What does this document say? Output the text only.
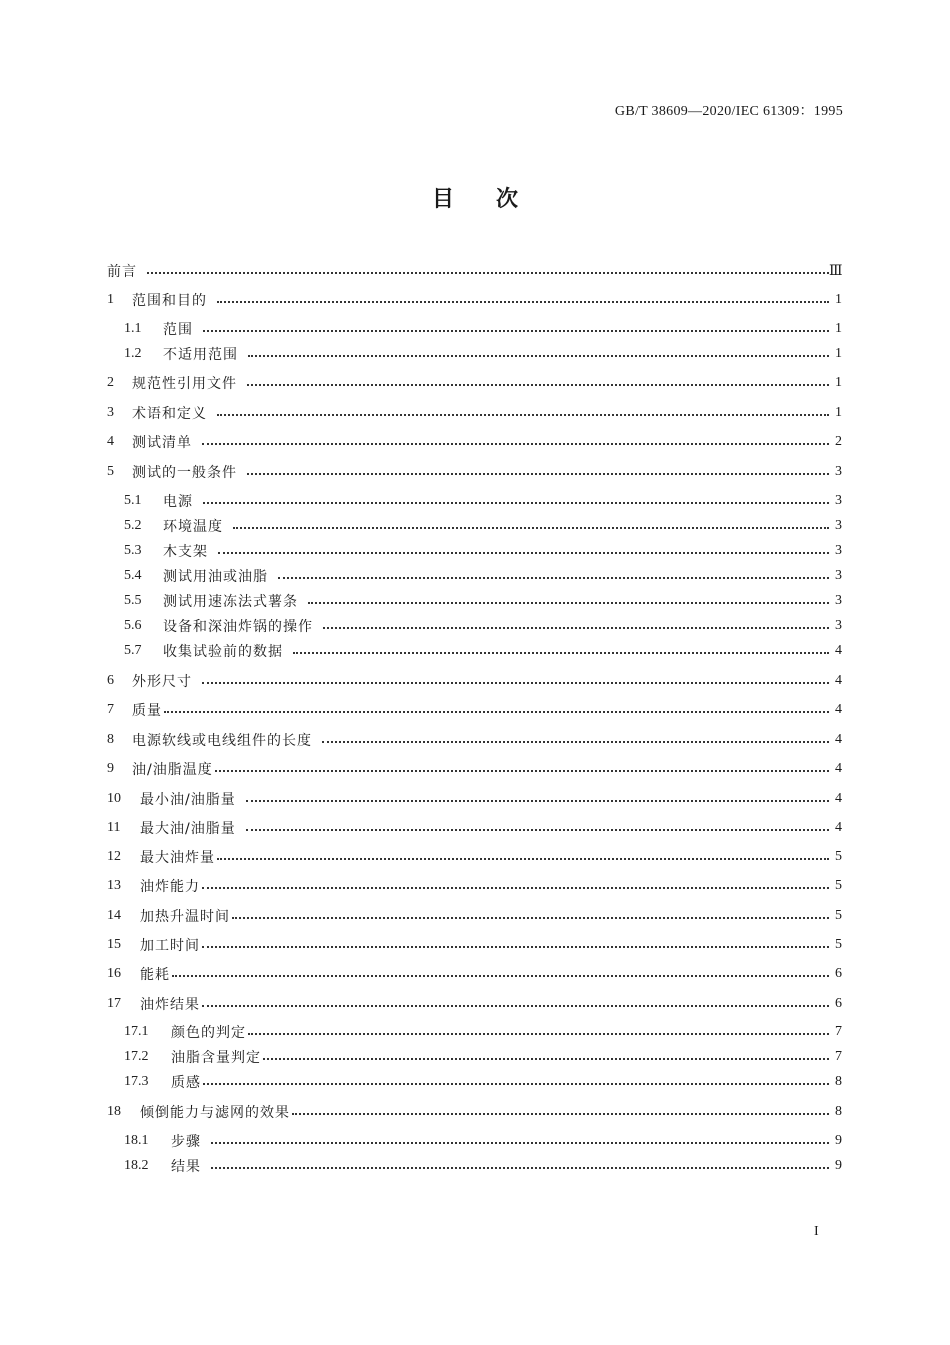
GB/T 38609—2020/IEC 61309：1995
目次
前言	Ⅲ
1	范围和目的	1
1.1	范围	1
1.2	不适用范围	1
2	规范性引用文件	1
3	术语和定义	1
4	测试清单	2
5	测试的一般条件	3
5.1	电源	3
5.2	环境温度	3
5.3	木支架	3
5.4	测试用油或油脂	3
5.5	测试用速冻法式薯条	3
5.6	设备和深油炸锅的操作	3
5.7	收集试验前的数据	4
6	外形尺寸	4
7	质量	4
8	电源软线或电线组件的长度	4
9	油/油脂温度	4
10	最小油/油脂量	4
11	最大油/油脂量	4
12	最大油炸量	5
13	油炸能力	5
14	加热升温时间	5
15	加工时间	5
16	能耗	6
17	油炸结果	6
17.1	颜色的判定	7
17.2	油脂含量判定	7
17.3	质感	8
18	倾倒能力与滤网的效果	8
18.1	步骤	9
18.2	结果	9
I
